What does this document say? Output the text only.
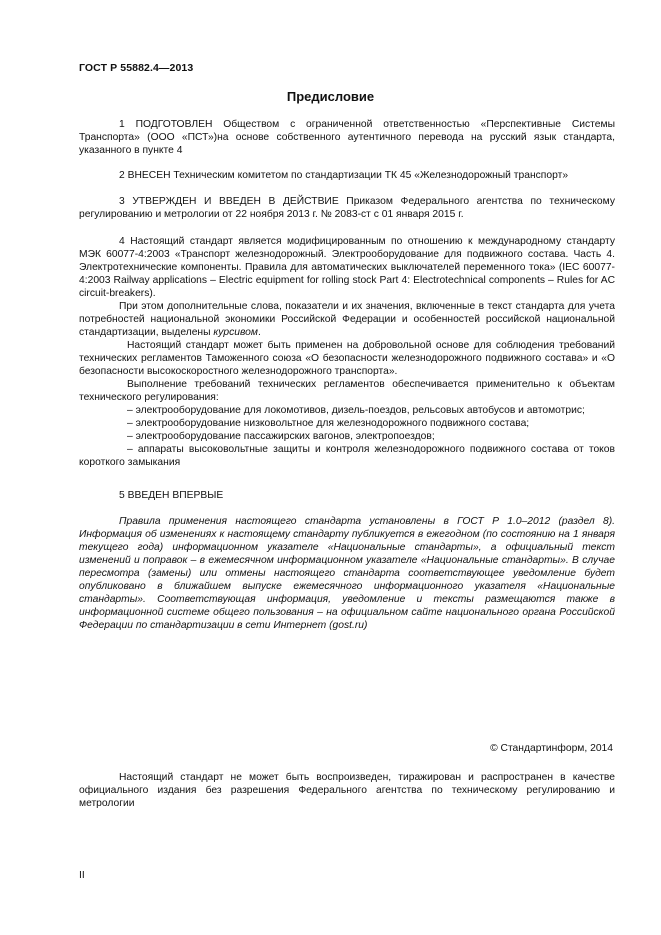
ГОСТ Р 55882.4—2013
Предисловие

1 ПОДГОТОВЛЕН Обществом с ограниченной ответственностью «Перспективные Системы Транспорта» (ООО «ПСТ»)на основе собственного аутентичного перевода на русский язык стандарта, указанного в пункте 4

2 ВНЕСЕН Техническим комитетом по стандартизации ТК 45 «Железнодорожный транспорт»

3 УТВЕРЖДЕН И ВВЕДЕН В ДЕЙСТВИЕ Приказом Федерального агентства по техническому регулированию и метрологии от 22 ноября 2013 г. № 2083-ст с 01 января 2015 г.

4 Настоящий стандарт является модифицированным по отношению к международному стандарту МЭК 60077-4:2003 «Транспорт железнодорожный. Электрооборудование для подвижного состава. Часть 4. Электротехнические компоненты. Правила для автоматических выключателей переменного тока» (IEC 60077-4:2003 Railway applications – Electric equipment for rolling stock Part 4: Electrotechnical components – Rules for AC circuit-breakers).

При этом дополнительные слова, показатели и их значения, включенные в текст стандарта для учета потребностей национальной экономики Российской Федерации и особенностей российской национальной стандартизации, выделены курсивом.

Настоящий стандарт может быть применен на добровольной основе для соблюдения требований технических регламентов Таможенного союза «О безопасности железнодорожного подвижного состава» и «О безопасности высокоскоростного железнодорожного транспорта».

Выполнение требований технических регламентов обеспечивается применительно к объектам технического регулирования:

– электрооборудование для локомотивов, дизель-поездов, рельсовых автобусов и автомотрис;

– электрооборудование низковольтное для железнодорожного подвижного состава;

– электрооборудование пассажирских вагонов, электропоездов;

– аппараты высоковольтные защиты и контроля железнодорожного подвижного состава от токов короткого замыкания

5 ВВЕДЕН ВПЕРВЫЕ

Правила применения настоящего стандарта установлены в ГОСТ Р 1.0–2012 (раздел 8). Информация об изменениях к настоящему стандарту публикуется в ежегодном (по состоянию на 1 января текущего года) информационном указателе «Национальные стандарты», а официальный текст изменений и поправок – в ежемесячном информационном указателе «Национальные стандарты». В случае пересмотра (замены) или отмены настоящего стандарта соответствующее уведомление будет опубликовано в ближайшем выпуске ежемесячного информационного указателя «Национальные стандарты». Соответствующая информация, уведомление и тексты размещаются также в информационной системе общего пользования – на официальном сайте национального органа Российской Федерации по стандартизации в сети Интернет (gost.ru)

© Стандартинформ, 2014
Настоящий стандарт не может быть воспроизведен, тиражирован и распространен в качестве официального издания без разрешения Федерального агентства по техническому регулированию и метрологии
II
